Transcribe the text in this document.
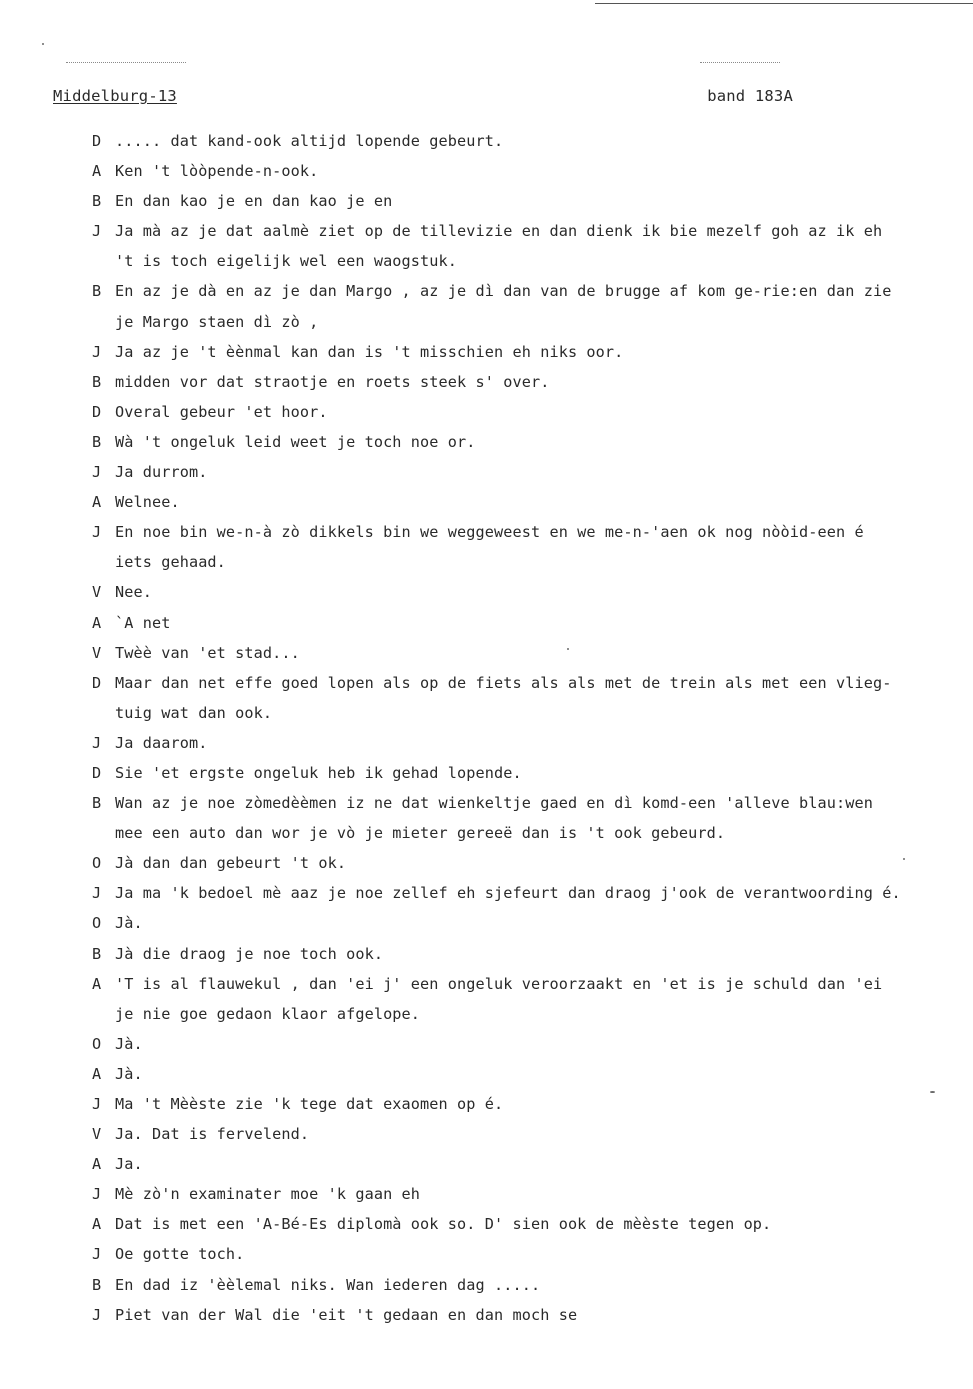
Middelburg-13	band 183A
D ..... dat kand-ook altijd lopende gebeurt.
A Ken 't lòòpende-n-ook.
B En dan kao je en dan kao je en
J Ja mà az je dat aalmè ziet op de tillevizie en dan dienk ik bie mezelf goh az ik eh
't is toch eigelijk wel een waogstuk.
B En az je dà en az je dan Margo , az je dì dan van de brugge af kom ge-rie:en dan zie
je Margo staen dì zò ,
J Ja az je 't èènmal kan dan is 't misschien eh niks oor.
B midden vor dat straotje en roets steek s' over.
D Overal gebeur 'et hoor.
B Wà 't ongeluk leid weet je toch noe or.
J Ja durrom.
A Welnee.
J En noe bin we-n-à zò dikkels bin we weggeweest en we me-n-'aen ok nog nòòid-een é
iets gehaad.
V Nee.
A `A net
V Twèè van 'et stad...
D Maar dan net effe goed lopen als op de fiets als als met de trein als met een vlieg-
tuig wat dan ook.
J Ja daarom.
D Sie 'et ergste ongeluk heb ik gehad lopende.
B Wan az je noe zòmedèèmen iz ne dat wienkeltje gaed en dì komd-een 'alleve blau:wen
mee een auto dan wor je vò je mieter gereeë dan is 't ook gebeurd.
O Jà dan dan gebeurt 't ok.
J Ja ma 'k bedoel mè aaz je noe zellef eh sjefeurt dan draog j'ook de verantwoording é.
O Jà.
B Jà die draog je noe toch ook.
A 'T is al flauwekul , dan 'ei j' een ongeluk veroorzaakt en 'et is je schuld dan 'ei
je nie goe gedaon klaor afgelope.
O Jà.
A Jà.
J Ma 't Mèèste zie 'k tege dat exaomen op é.
V Ja. Dat is fervelend.
A Ja.
J Mè zò'n examinater moe 'k gaan eh
A Dat is met een 'A-Bé-Es diplomà ook so. D' sien ook de mèèste tegen op.
J Oe gotte toch.
B En dad iz 'èèlemal niks. Wan iederen dag .....
J Piet van der Wal die 'eit 't gedaan en dan moch se
